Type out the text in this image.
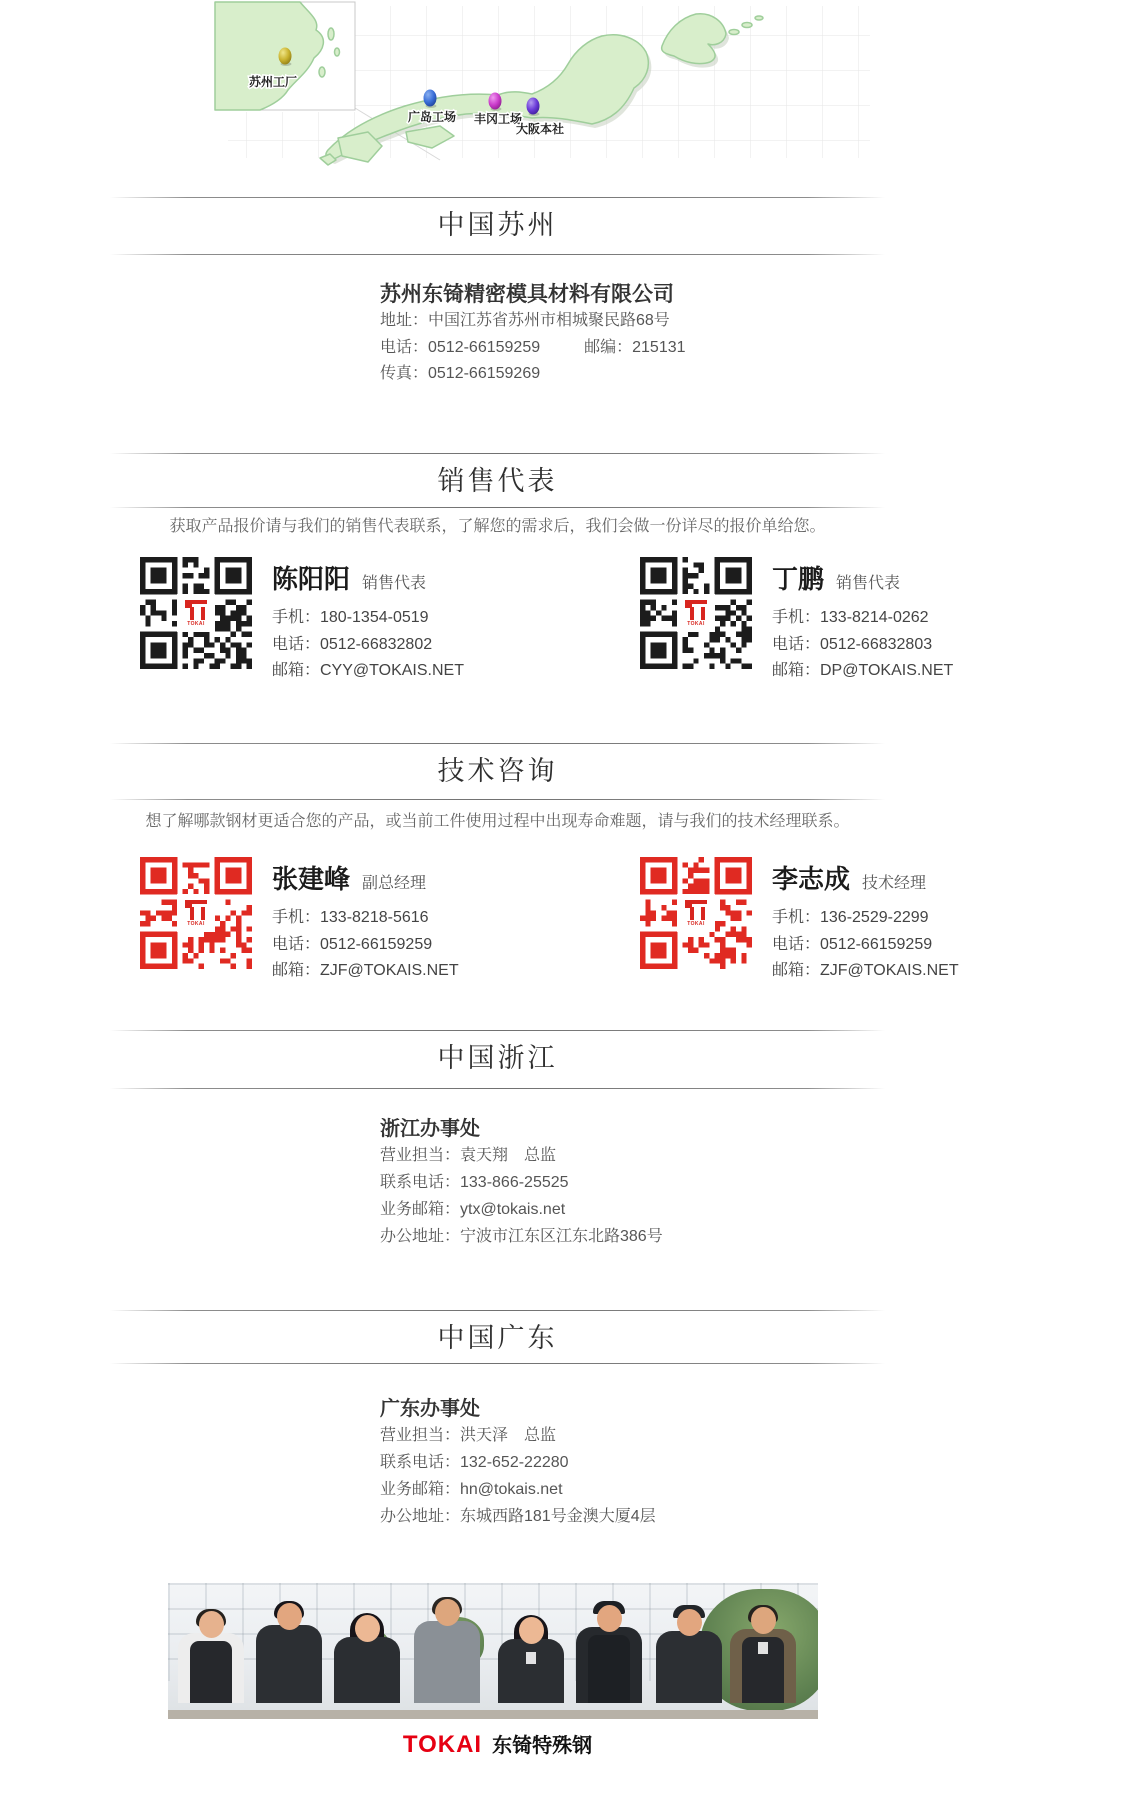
苏州工厂
广岛工场 丰冈工场
大阪本社
中国苏州
苏州东锜精密模具材料有限公司
地址：中国江苏省苏州市相城聚民路68号
电话：0512-66159259	邮编：215131
传真：0512-66159269
销售代表
获取产品报价请与我们的销售代表联系，了解您的需求后，我们会做一份详尽的报价单给您。
TOKAI
陈阳阳 销售代表
手机：180-1354-0519
电话：0512-66832802
邮箱：CYY@TOKAIS.NET
TOKAI
丁鹏 销售代表
手机：133-8214-0262
电话：0512-66832803
邮箱：DP@TOKAIS.NET
技术咨询
想了解哪款钢材更适合您的产品，或当前工件使用过程中出现寿命难题，请与我们的技术经理联系。
TOKAI
张建峰 副总经理
手机：133-8218-5616
电话：0512-66159259
邮箱：ZJF@TOKAIS.NET
TOKAI
李志成 技术经理
手机：136-2529-2299
电话：0512-66159259
邮箱：ZJF@TOKAIS.NET
中国浙江
浙江办事处
营业担当：袁天翔　总监
联系电话：133-866-25525
业务邮箱：ytx@tokais.net
办公地址：宁波市江东区江东北路386号
中国广东
广东办事处
营业担当：洪天泽　总监
联系电话：132-652-22280
业务邮箱：hn@tokais.net
办公地址：东城西路181号金澳大厦4层
TOKAI 东锜特殊钢
